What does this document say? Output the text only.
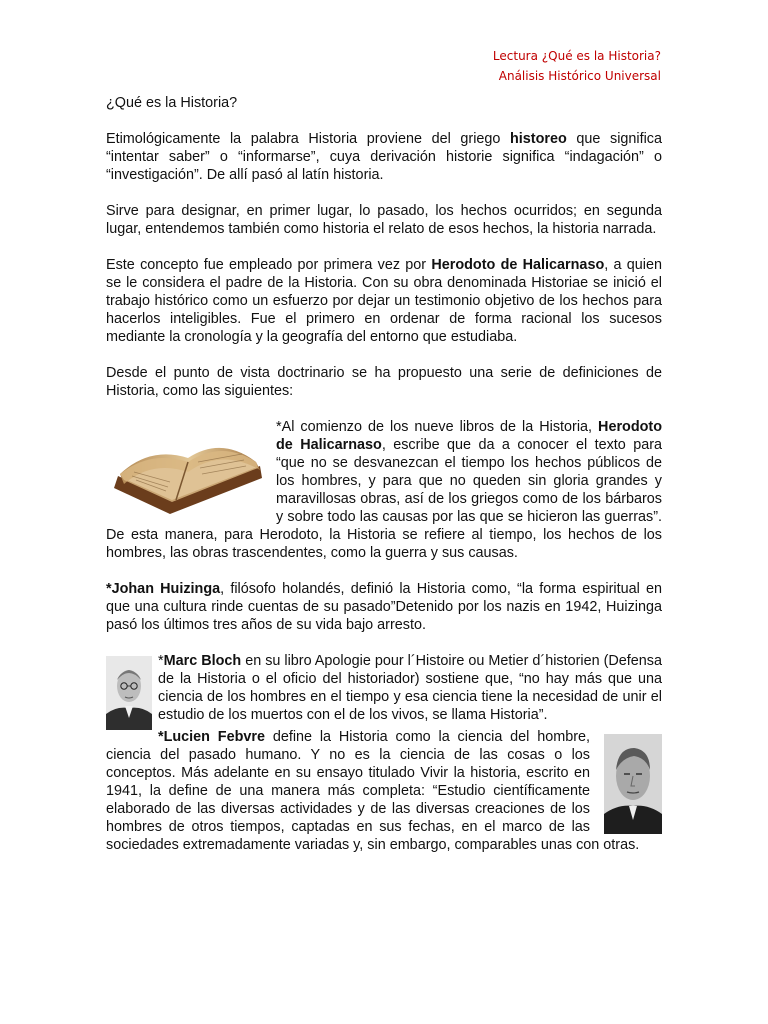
Lectura ¿Qué es la Historia?
Análisis Histórico Universal
¿Qué es la Historia?

Etimológicamente la palabra Historia proviene del griego historeo que significa “intentar saber” o “informarse”, cuya derivación historie significa “indagación” o “investigación”. De allí pasó al latín historia.

Sirve para designar, en primer lugar, lo pasado, los hechos ocurridos; en segunda lugar, entendemos también como historia el relato de esos hechos, la historia narrada.

Este concepto fue empleado por primera vez por Herodoto de Halicarnaso, a quien se le considera el padre de la Historia. Con su obra denominada Historiae se inició el trabajo histórico como un esfuerzo por dejar un testimonio objetivo de los hechos para hacerlos inteligibles. Fue el primero en ordenar de forma racional los sucesos mediante la cronología y la geografía del entorno que estudiaba.

Desde el punto de vista doctrinario se ha propuesto una serie de definiciones de Historia, como las siguientes:

*Al comienzo de los nueve libros de la Historia, Herodoto de Halicarnaso, escribe que da a conocer el texto para “que no se desvanezcan el tiempo los hechos públicos de los hombres, y para que no queden sin gloria grandes y maravillosas obras, así de los griegos como de los bárbaros y sobre todo las causas por las que se hicieron las guerras”. De esta manera, para Herodoto, la Historia se refiere al tiempo, los hechos de los hombres, las obras trascendentes, como la guerra y sus causas.

*Johan Huizinga, filósofo holandés, definió la Historia como, “la forma espiritual en que una cultura rinde cuentas de su pasado”Detenido por los nazis en 1942, Huizinga pasó los últimos tres años de su vida bajo arresto.

*Marc Bloch en su libro Apologie pour l´Histoire ou Metier d´historien (Defensa de la Historia o el oficio del historiador) sostiene que, “no hay más que una ciencia de los hombres en el tiempo y esa ciencia tiene la necesidad de unir el estudio de los muertos con el de los vivos, se llama Historia”.

*Lucien Febvre define la Historia como la ciencia del hombre, ciencia del pasado humano. Y no es la ciencia de las cosas o los conceptos. Más adelante en su ensayo titulado Vivir la historia, escrito en 1941, la define de una manera más completa: “Estudio científicamente elaborado de las diversas actividades y de las diversas creaciones de los hombres de otros tiempos, captadas en sus fechas, en el marco de las sociedades extremadamente variadas y, sin embargo, comparables unas con otras.
